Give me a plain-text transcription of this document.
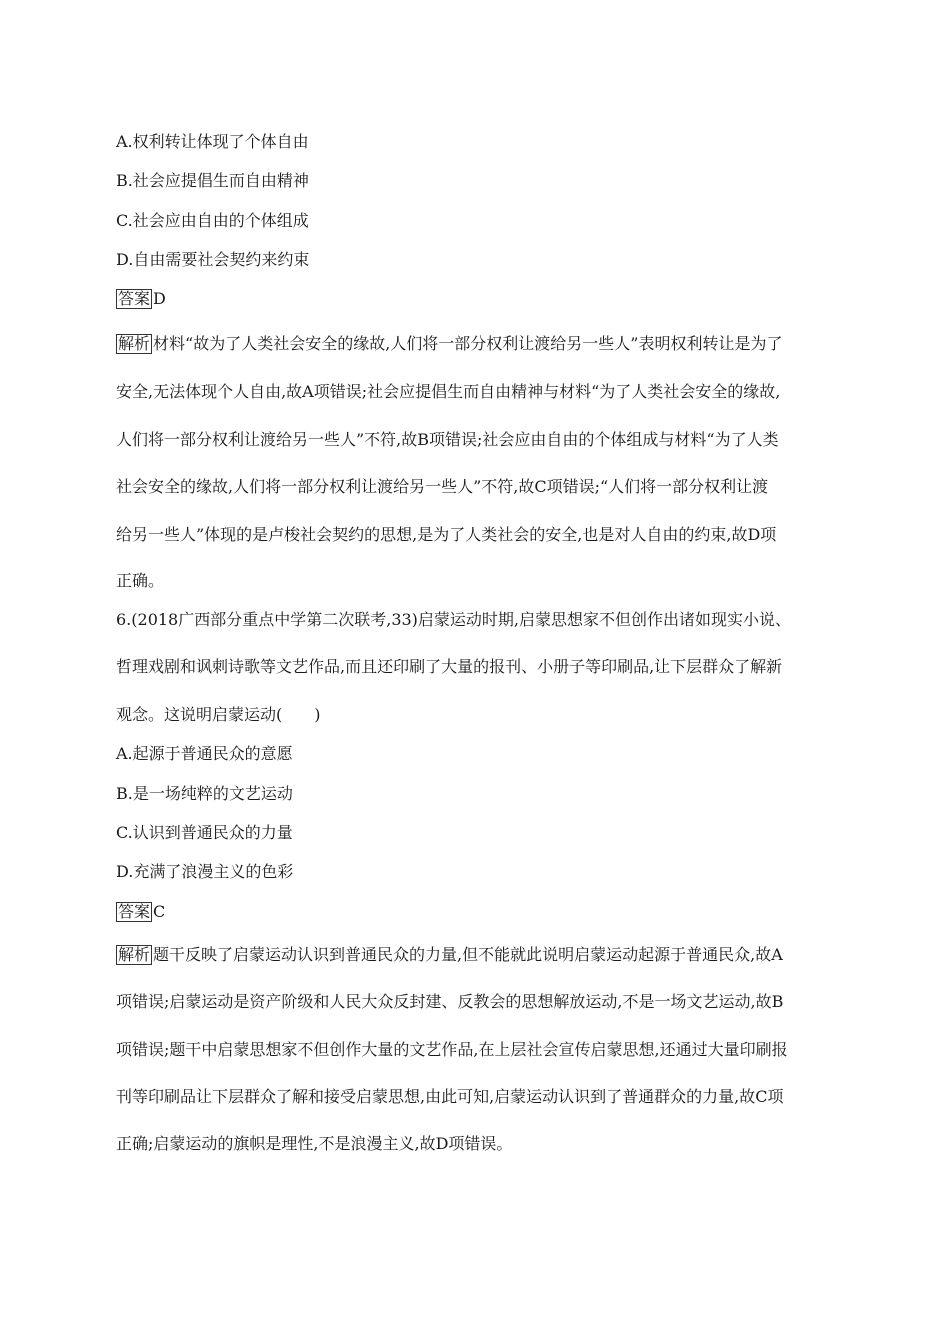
A.权利转让体现了个体自由
B.社会应提倡生而自由精神
C.社会应由自由的个体组成
D.自由需要社会契约来约束
答案 D
解析 材料“故为了人类社会安全的缘故,人们将一部分权利让渡给另一些人”表明权利转让是为了
安全,无法体现个人自由,故A项错误;社会应提倡生而自由精神与材料“为了人类社会安全的缘故,
人们将一部分权利让渡给另一些人”不符,故B项错误;社会应由自由的个体组成与材料“为了人类
社会安全的缘故,人们将一部分权利让渡给另一些人”不符,故C项错误;“人们将一部分权利让渡
给另一些人”体现的是卢梭社会契约的思想,是为了人类社会的安全,也是对人自由的约束,故D项
正确。
6.(2018广西部分重点中学第二次联考,33)启蒙运动时期,启蒙思想家不但创作出诸如现实小说、
哲理戏剧和讽刺诗歌等文艺作品,而且还印刷了大量的报刊、小册子等印刷品,让下层群众了解新
观念。这说明启蒙运动(　　)
A.起源于普通民众的意愿
B.是一场纯粹的文艺运动
C.认识到普通民众的力量
D.充满了浪漫主义的色彩
答案 C
解析 题干反映了启蒙运动认识到普通民众的力量,但不能就此说明启蒙运动起源于普通民众,故A
项错误;启蒙运动是资产阶级和人民大众反封建、反教会的思想解放运动,不是一场文艺运动,故B
项错误;题干中启蒙思想家不但创作大量的文艺作品,在上层社会宣传启蒙思想,还通过大量印刷报
刊等印刷品让下层群众了解和接受启蒙思想,由此可知,启蒙运动认识到了普通群众的力量,故C项
正确;启蒙运动的旗帜是理性,不是浪漫主义,故D项错误。
